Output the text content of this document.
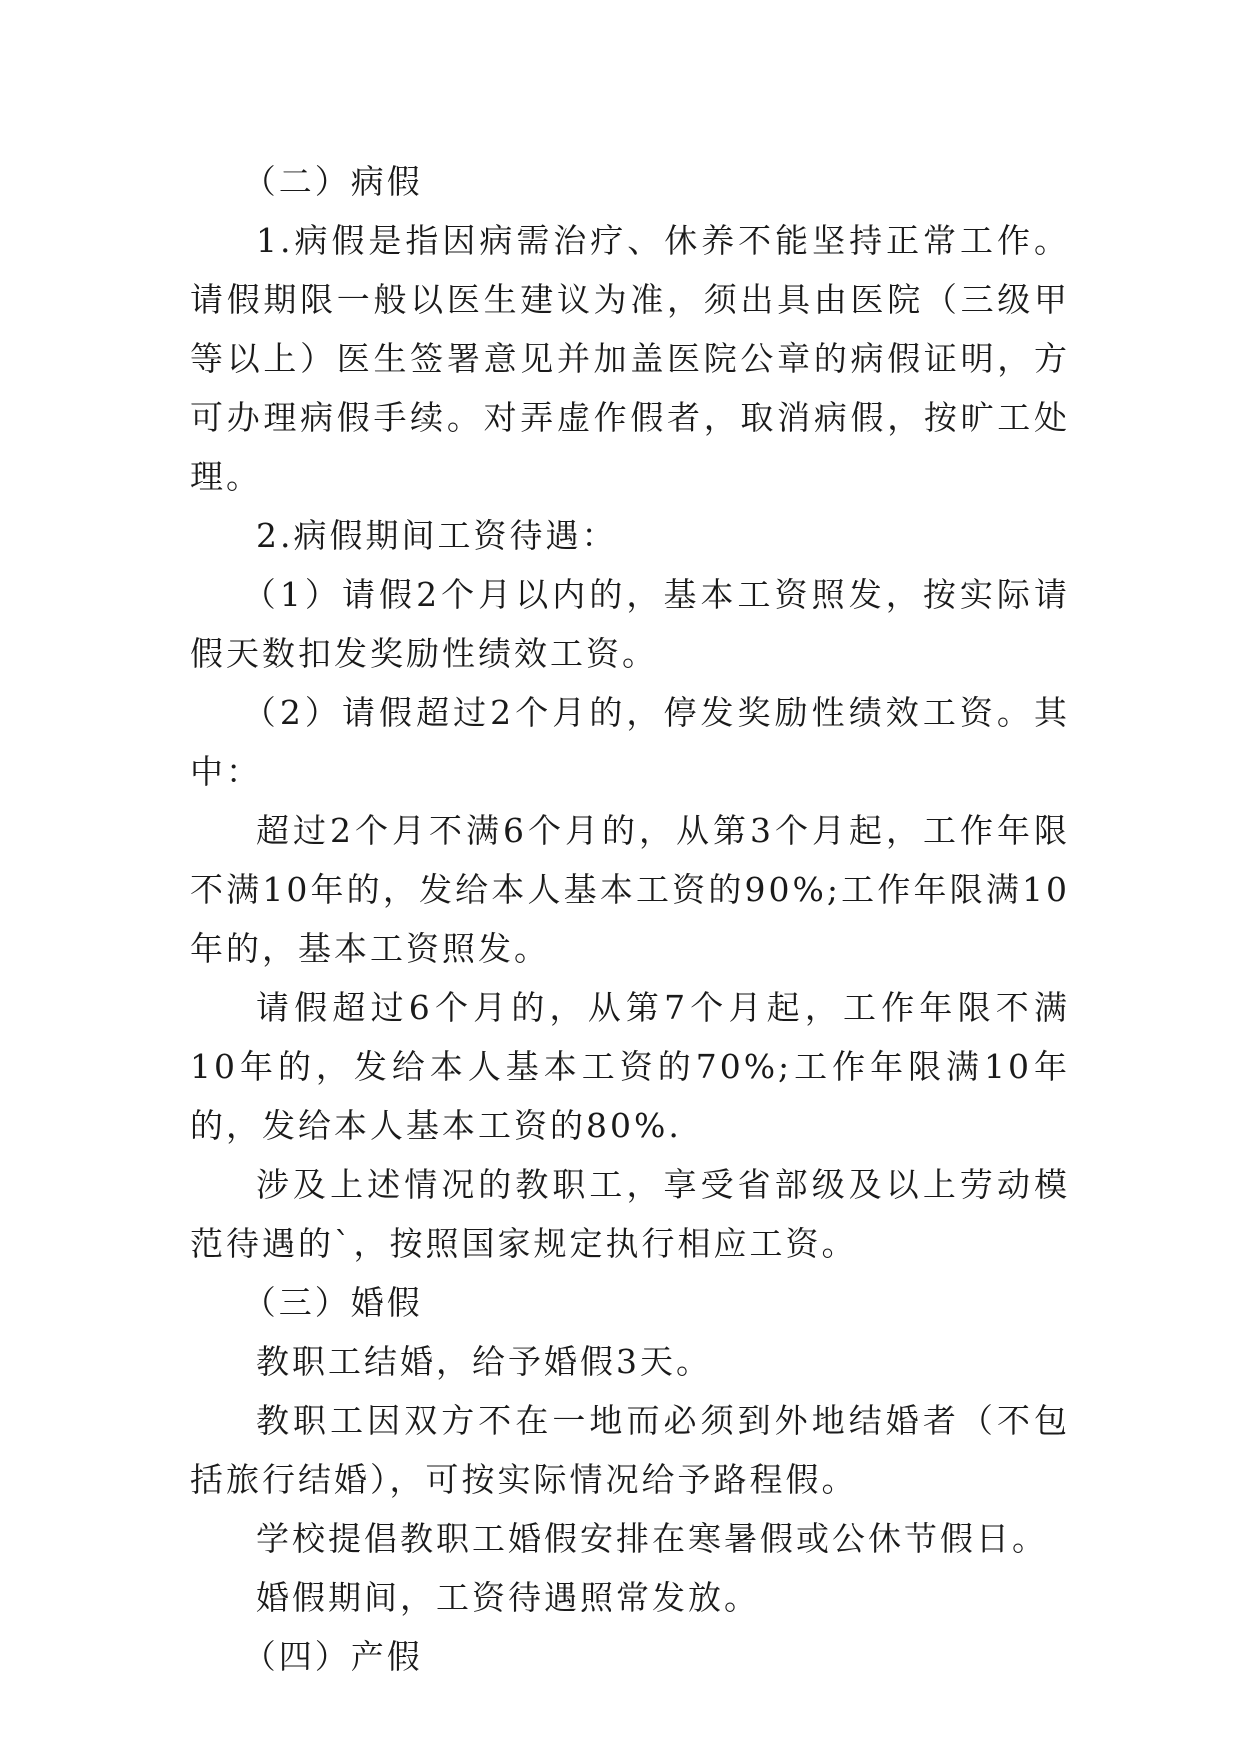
（二）病假

1.病假是指因病需治疗、休养不能坚持正常工作。请假期限一般以医生建议为准，须出具由医院（三级甲等以上）医生签署意见并加盖医院公章的病假证明，方可办理病假手续。对弄虚作假者，取消病假，按旷工处理。

2.病假期间工资待遇：

（1）请假2个月以内的，基本工资照发，按实际请假天数扣发奖励性绩效工资。

（2）请假超过2个月的，停发奖励性绩效工资。其中：

超过2个月不满6个月的，从第3个月起，工作年限不满10年的，发给本人基本工资的90%;工作年限满10年的，基本工资照发。

请假超过6个月的，从第7个月起，工作年限不满10年的，发给本人基本工资的70%;工作年限满10年的，发给本人基本工资的80%.

涉及上述情况的教职工，享受省部级及以上劳动模范待遇的`，按照国家规定执行相应工资。

（三）婚假

教职工结婚，给予婚假3天。

教职工因双方不在一地而必须到外地结婚者（不包括旅行结婚），可按实际情况给予路程假。

学校提倡教职工婚假安排在寒暑假或公休节假日。

婚假期间，工资待遇照常发放。

（四）产假
